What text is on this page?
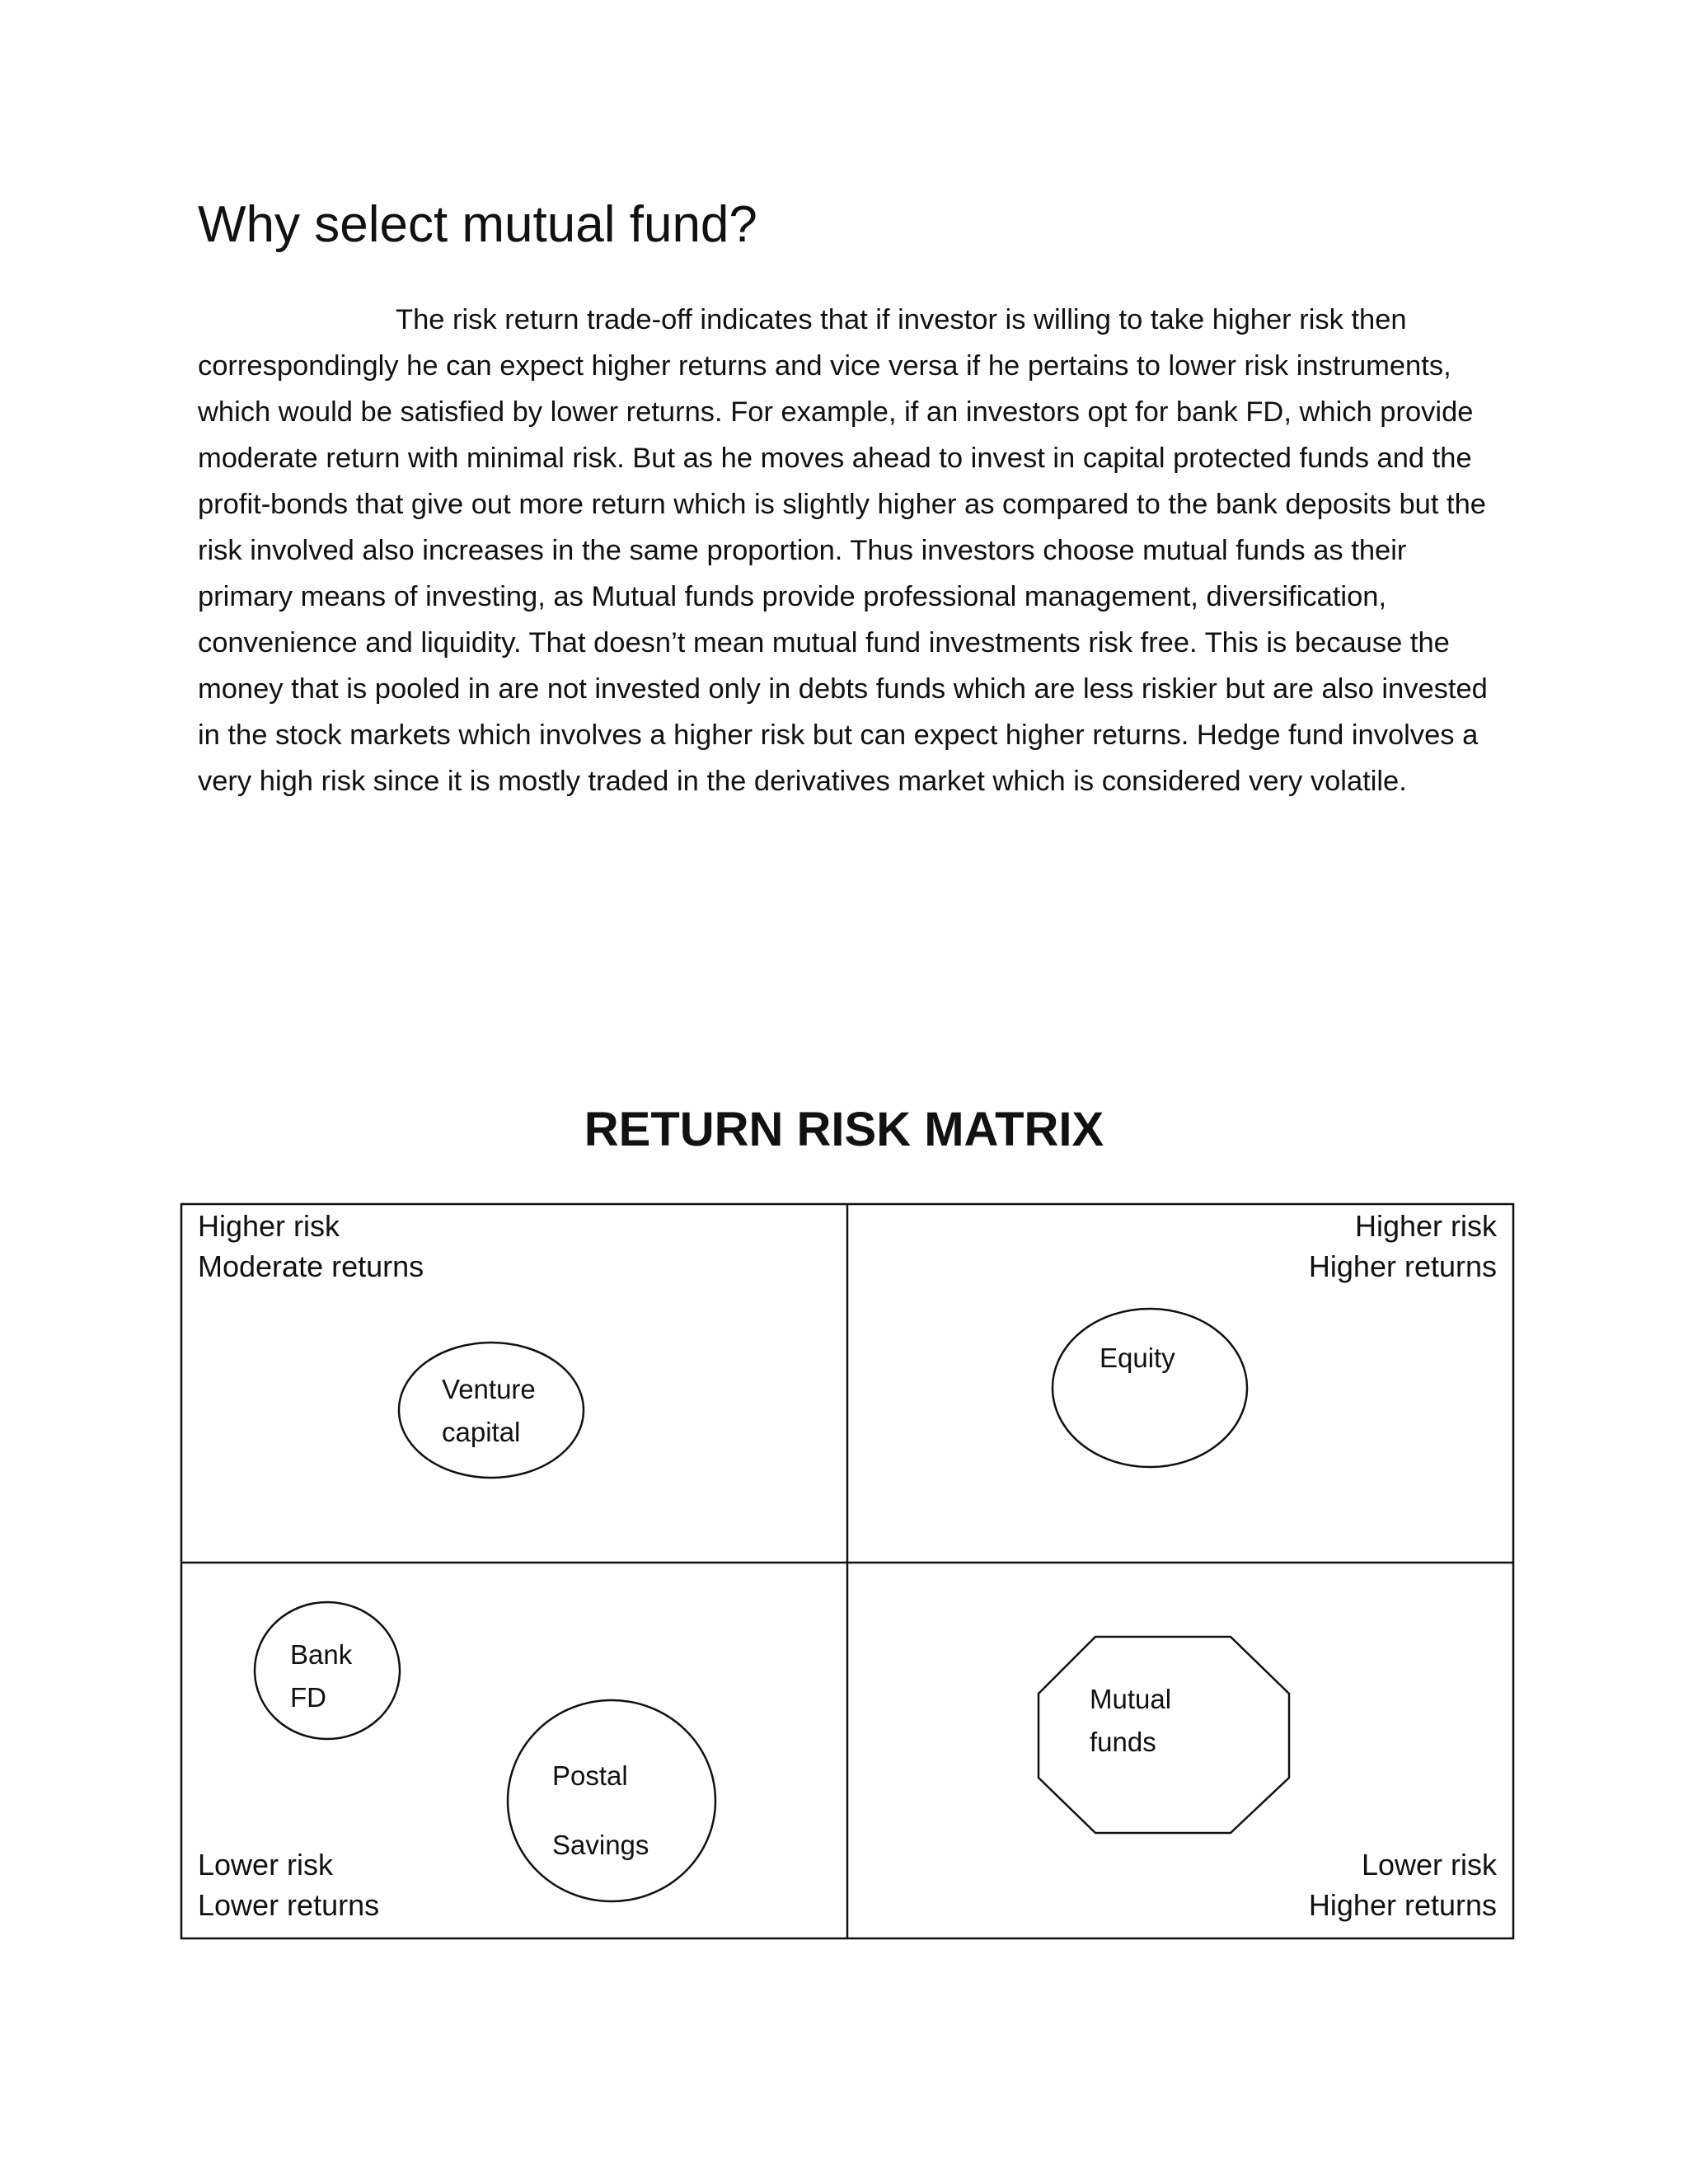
Why select mutual fund?

The risk return trade-off indicates that if investor is willing to take higher risk then correspondingly he can expect higher returns and vice versa if he pertains to lower risk instruments, which would be satisfied by lower returns. For example, if an investors opt for bank FD, which provide moderate return with minimal risk. But as he moves ahead to invest in capital protected funds and the profit-bonds that give out more return which is slightly higher as compared to the bank deposits but the risk involved also increases in the same proportion. Thus investors choose mutual funds as their primary means of investing, as Mutual funds provide professional management, diversification, convenience and liquidity. That doesn’t mean mutual fund investments risk free. This is because the money that is pooled in are not invested only in debts funds which are less riskier but are also invested in the stock markets which involves a higher risk but can expect higher returns. Hedge fund involves a very high risk since it is mostly traded in the derivatives market which is considered very volatile.

RETURN RISK MATRIX
Higher risk
Moderate returns
Higher risk
Higher returns
Lower risk
Lower returns
Lower risk
Higher returns
Venture
capital
Equity
Bank
FD
Postal
Savings
Mutual
funds
